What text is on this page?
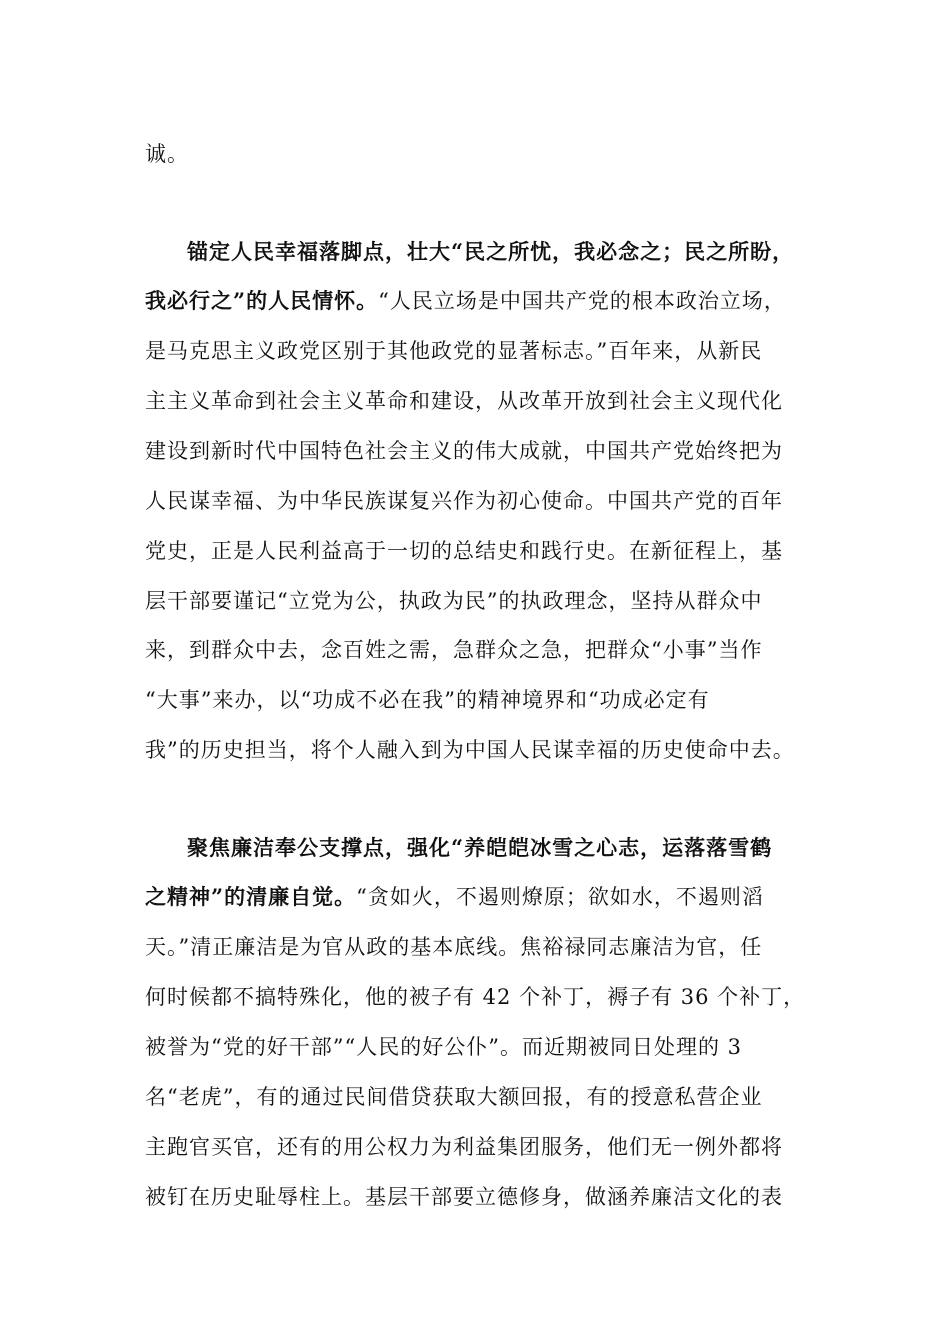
诚。
锚定人民幸福落脚点，壮大“民之所忧，我必念之；民之所盼，
我必行之”的人民情怀。“人民立场是中国共产党的根本政治立场，
是马克思主义政党区别于其他政党的显著标志。”百年来，从新民
主主义革命到社会主义革命和建设，从改革开放到社会主义现代化
建设到新时代中国特色社会主义的伟大成就，中国共产党始终把为
人民谋幸福、为中华民族谋复兴作为初心使命。中国共产党的百年
党史，正是人民利益高于一切的总结史和践行史。在新征程上，基
层干部要谨记“立党为公，执政为民”的执政理念，坚持从群众中
来，到群众中去，念百姓之需，急群众之急，把群众“小事”当作
“大事”来办，以“功成不必在我”的精神境界和“功成必定有
我”的历史担当，将个人融入到为中国人民谋幸福的历史使命中去。
聚焦廉洁奉公支撑点，强化“养皑皑冰雪之心志，运落落雪鹤
之精神”的清廉自觉。“贪如火，不遏则燎原；欲如水，不遏则滔
天。”清正廉洁是为官从政的基本底线。焦裕禄同志廉洁为官，任
何时候都不搞特殊化，他的被子有 42 个补丁，褥子有 36 个补丁，
被誉为“党的好干部”“人民的好公仆”。而近期被同日处理的 3
名“老虎”，有的通过民间借贷获取大额回报，有的授意私营企业
主跑官买官，还有的用公权力为利益集团服务，他们无一例外都将
被钉在历史耻辱柱上。基层干部要立德修身，做涵养廉洁文化的表
